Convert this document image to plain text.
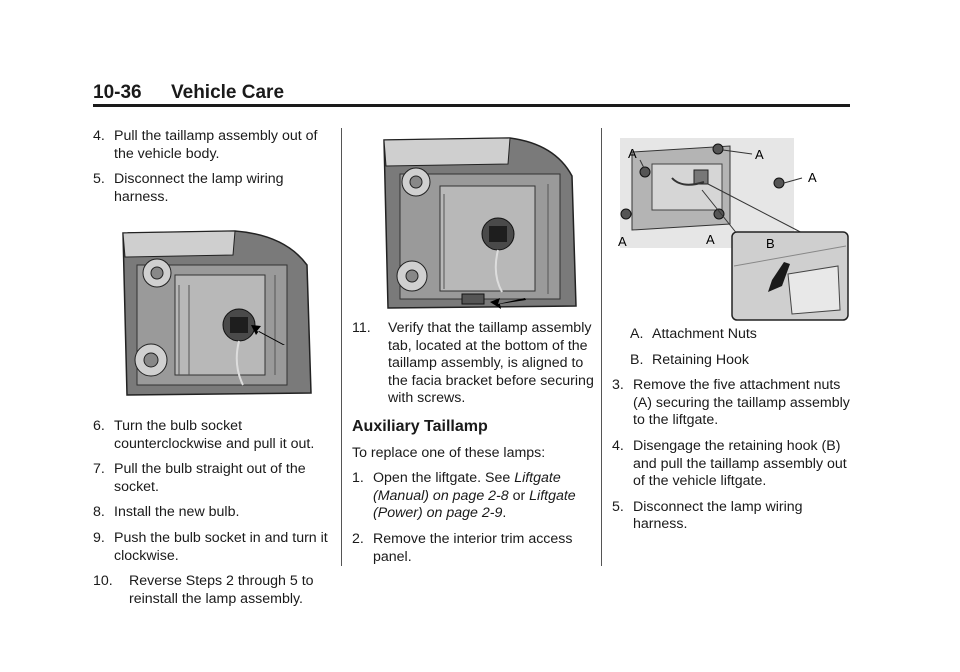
10-36 Vehicle Care
4. Pull the taillamp assembly out of the vehicle body.
5. Disconnect the lamp wiring harness.
6. Turn the bulb socket counterclockwise and pull it out.
7. Pull the bulb straight out of the socket.
8. Install the new bulb.
9. Push the bulb socket in and turn it clockwise.
10. Reverse Steps 2 through 5 to reinstall the lamp assembly.
11. Verify that the taillamp assembly tab, located at the bottom of the taillamp assembly, is aligned to the facia bracket before securing with screws.
Auxiliary Taillamp
To replace one of these lamps:
1. Open the liftgate. See Liftgate (Manual) on page 2-8 or Liftgate (Power) on page 2-9.
2. Remove the interior trim access panel.
A	A
A
A	A	B
A. Attachment Nuts
B. Retaining Hook
3. Remove the five attachment nuts (A) securing the taillamp assembly to the liftgate.
4. Disengage the retaining hook (B) and pull the taillamp assembly out of the vehicle liftgate.
5. Disconnect the lamp wiring harness.
